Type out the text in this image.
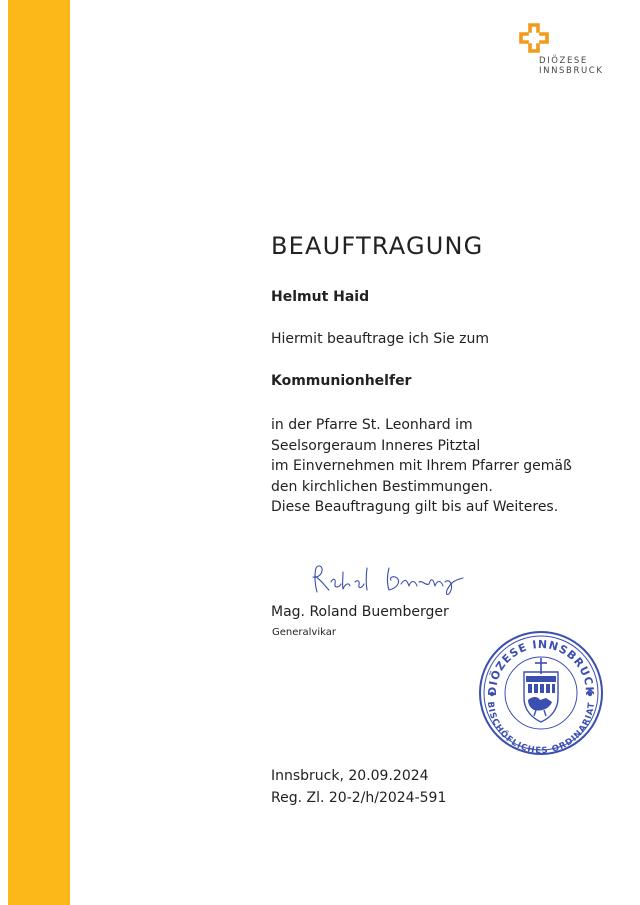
DIÖZESE
INNSBRUCK
BEAUFTRAGUNG
Helmut Haid
Hiermit beauftrage ich Sie zum
Kommunionhelfer
in der Pfarre St. Leonhard im
Seelsorgeraum Inneres Pitztal
im Einvernehmen mit Ihrem Pfarrer gemäß
den kirchlichen Bestimmungen.
Diese Beauftragung gilt bis auf Weiteres.
Mag. Roland Buemberger
Generalvikar
DIÖZESE INNSBRUCK
BISCHÖFLICHES ORDINARIAT
Innsbruck, 20.09.2024
Reg. Zl. 20-2/h/2024-591
